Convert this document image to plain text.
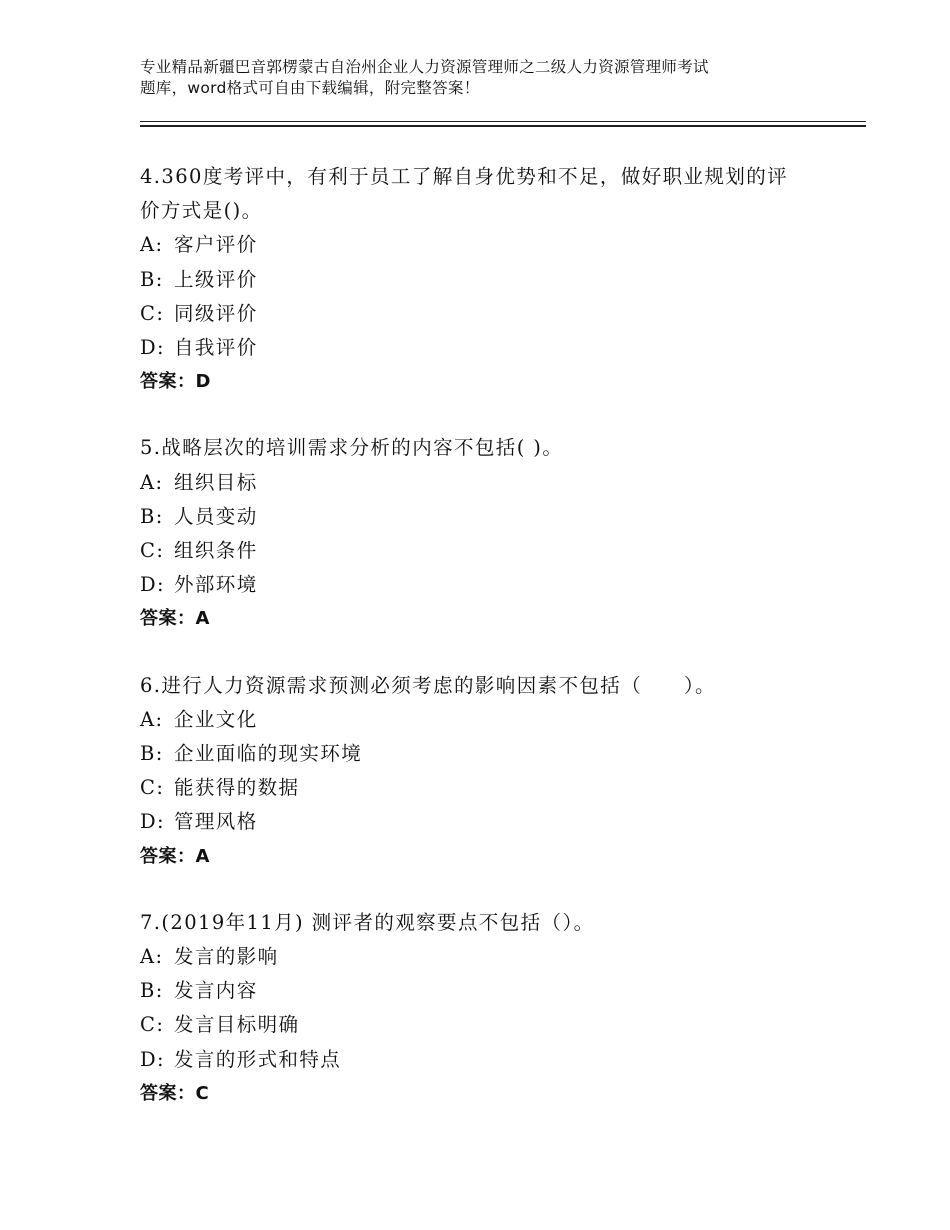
专业精品新疆巴音郭楞蒙古自治州企业人力资源管理师之二级人力资源管理师考试
题库，word格式可自由下载编辑，附完整答案！
4.360度考评中，有利于员工了解自身优势和不足，做好职业规划的评
价方式是()。
A: 客户评价
B: 上级评价
C: 同级评价
D: 自我评价
答案：D
5.战略层次的培训需求分析的内容不包括( )。
A: 组织目标
B: 人员变动
C: 组织条件
D: 外部环境
答案：A
6.进行人力资源需求预测必须考虑的影响因素不包括（　　）。
A: 企业文化
B: 企业面临的现实环境
C: 能获得的数据
D: 管理风格
答案：A
7.(2019年11月) 测评者的观察要点不包括（）。
A: 发言的影响
B: 发言内容
C: 发言目标明确
D: 发言的形式和特点
答案：C
